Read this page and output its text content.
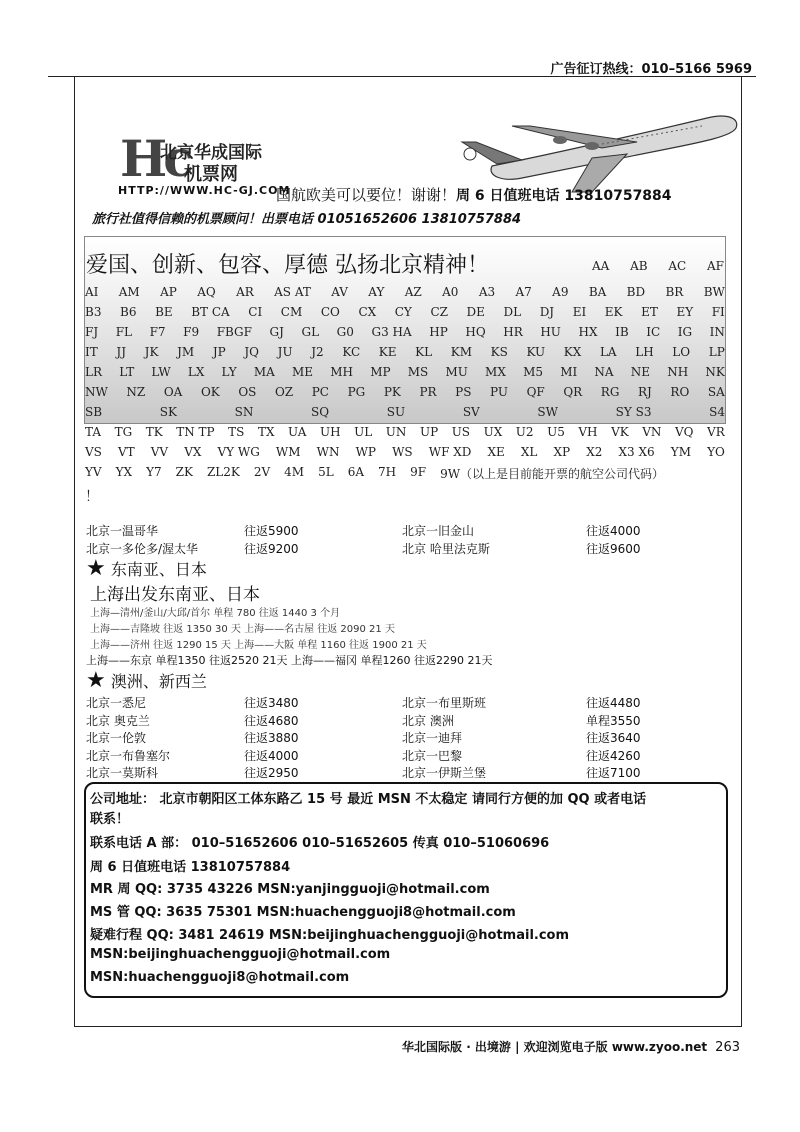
广告征订热线：010–5166 5969
Hc
北京华成国际
机票网
HTTP://WWW.HC-GJ.COM
国航欧美可以要位！谢谢！周 6 日值班电话 13810757884
旅行社值得信赖的机票顾问！出票电话 01051652606 13810757884
爱国、创新、包容、厚德 弘扬北京精神！	AA AB AC AF
AI AM AP AQ AR AS AT AV AY AZ A0 A3 A7 A9 BA BD BR BW
B3 B6 BE BT CA CI CM CO CX CY CZ DE DL DJ EI EK ET EY FI
FJ FL F7 F9 FBGF GJ GL G0 G3 HA HP HQ HR HU HX IB IC IG IN
IT JJ JK JM JP JQ JU J2 KC KE KL KM KS KU KX LA LH LO LP
LR LT LW LX LY MA ME MH MP MS MU MX M5 MI NA NE NH NK
NW NZ OA OK OS OZ PC PG PK PR PS PU QF QR RG RJ RO SA
SB	SK	SN	SQ	SU	SV	SW	SY S3	S4
TA TG TK TN TP TS TX UA UH UL UN UP US UX U2 U5 VH VK VN VQ VR
VS VT VV VX VY WG WM WN WP WS WF XD XE XL XP X2 X3 X6 YM YO
YV YX Y7 ZK ZL2K 2V 4M 5L 6A 7H 9F 9W（以上是目前能开票的航空公司代码）
！
北京一温哥华	往返5900	北京一旧金山	往返4000
北京一多伦多/渥太华	往返9200	北京 哈里法克斯	往返9600
★ 东南亚、日本
上海出发东南亚、日本
上海—清州/釜山/大邱/首尔 单程 780 往返 1440 3 个月
上海——吉隆坡 往返 1350 30 天 上海——名古屋 往返 2090 21 天
上海——济州 往返 1290 15 天 上海——大阪 单程 1160 往返 1900 21 天
上海——东京 单程1350 往返2520 21天 上海——福冈 单程1260 往返2290 21天
★ 澳洲、新西兰
北京一悉尼	往返3480	北京一布里斯班	往返4480
北京 奥克兰	往返4680	北京 澳洲	单程3550
北京一伦敦	往返3880	北京一迪拜	往返3640
北京一布鲁塞尔	往返4000	北京一巴黎	往返4260
北京一莫斯科	往返2950	北京一伊斯兰堡	往返7100
公司地址： 北京市朝阳区工体东路乙 15 号 最近 MSN 不太稳定 请同行方便的加 QQ 或者电话
联系！
联系电话 A 部： 010–51652606 010–51652605 传真 010–51060696
周 6 日值班电话 13810757884
MR 周 QQ: 3735 43226 MSN:yanjingguoji@hotmail.com
MS 管 QQ: 3635 75301 MSN:huachengguoji8@hotmail.com
疑难行程 QQ: 3481 24619 MSN:beijinghuachengguoji@hotmail.com
MSN:beijinghuachengguoji@hotmail.com
MSN:huachengguoji8@hotmail.com
华北国际版 · 出境游 | 欢迎浏览电子版 www.zyoo.net 263
